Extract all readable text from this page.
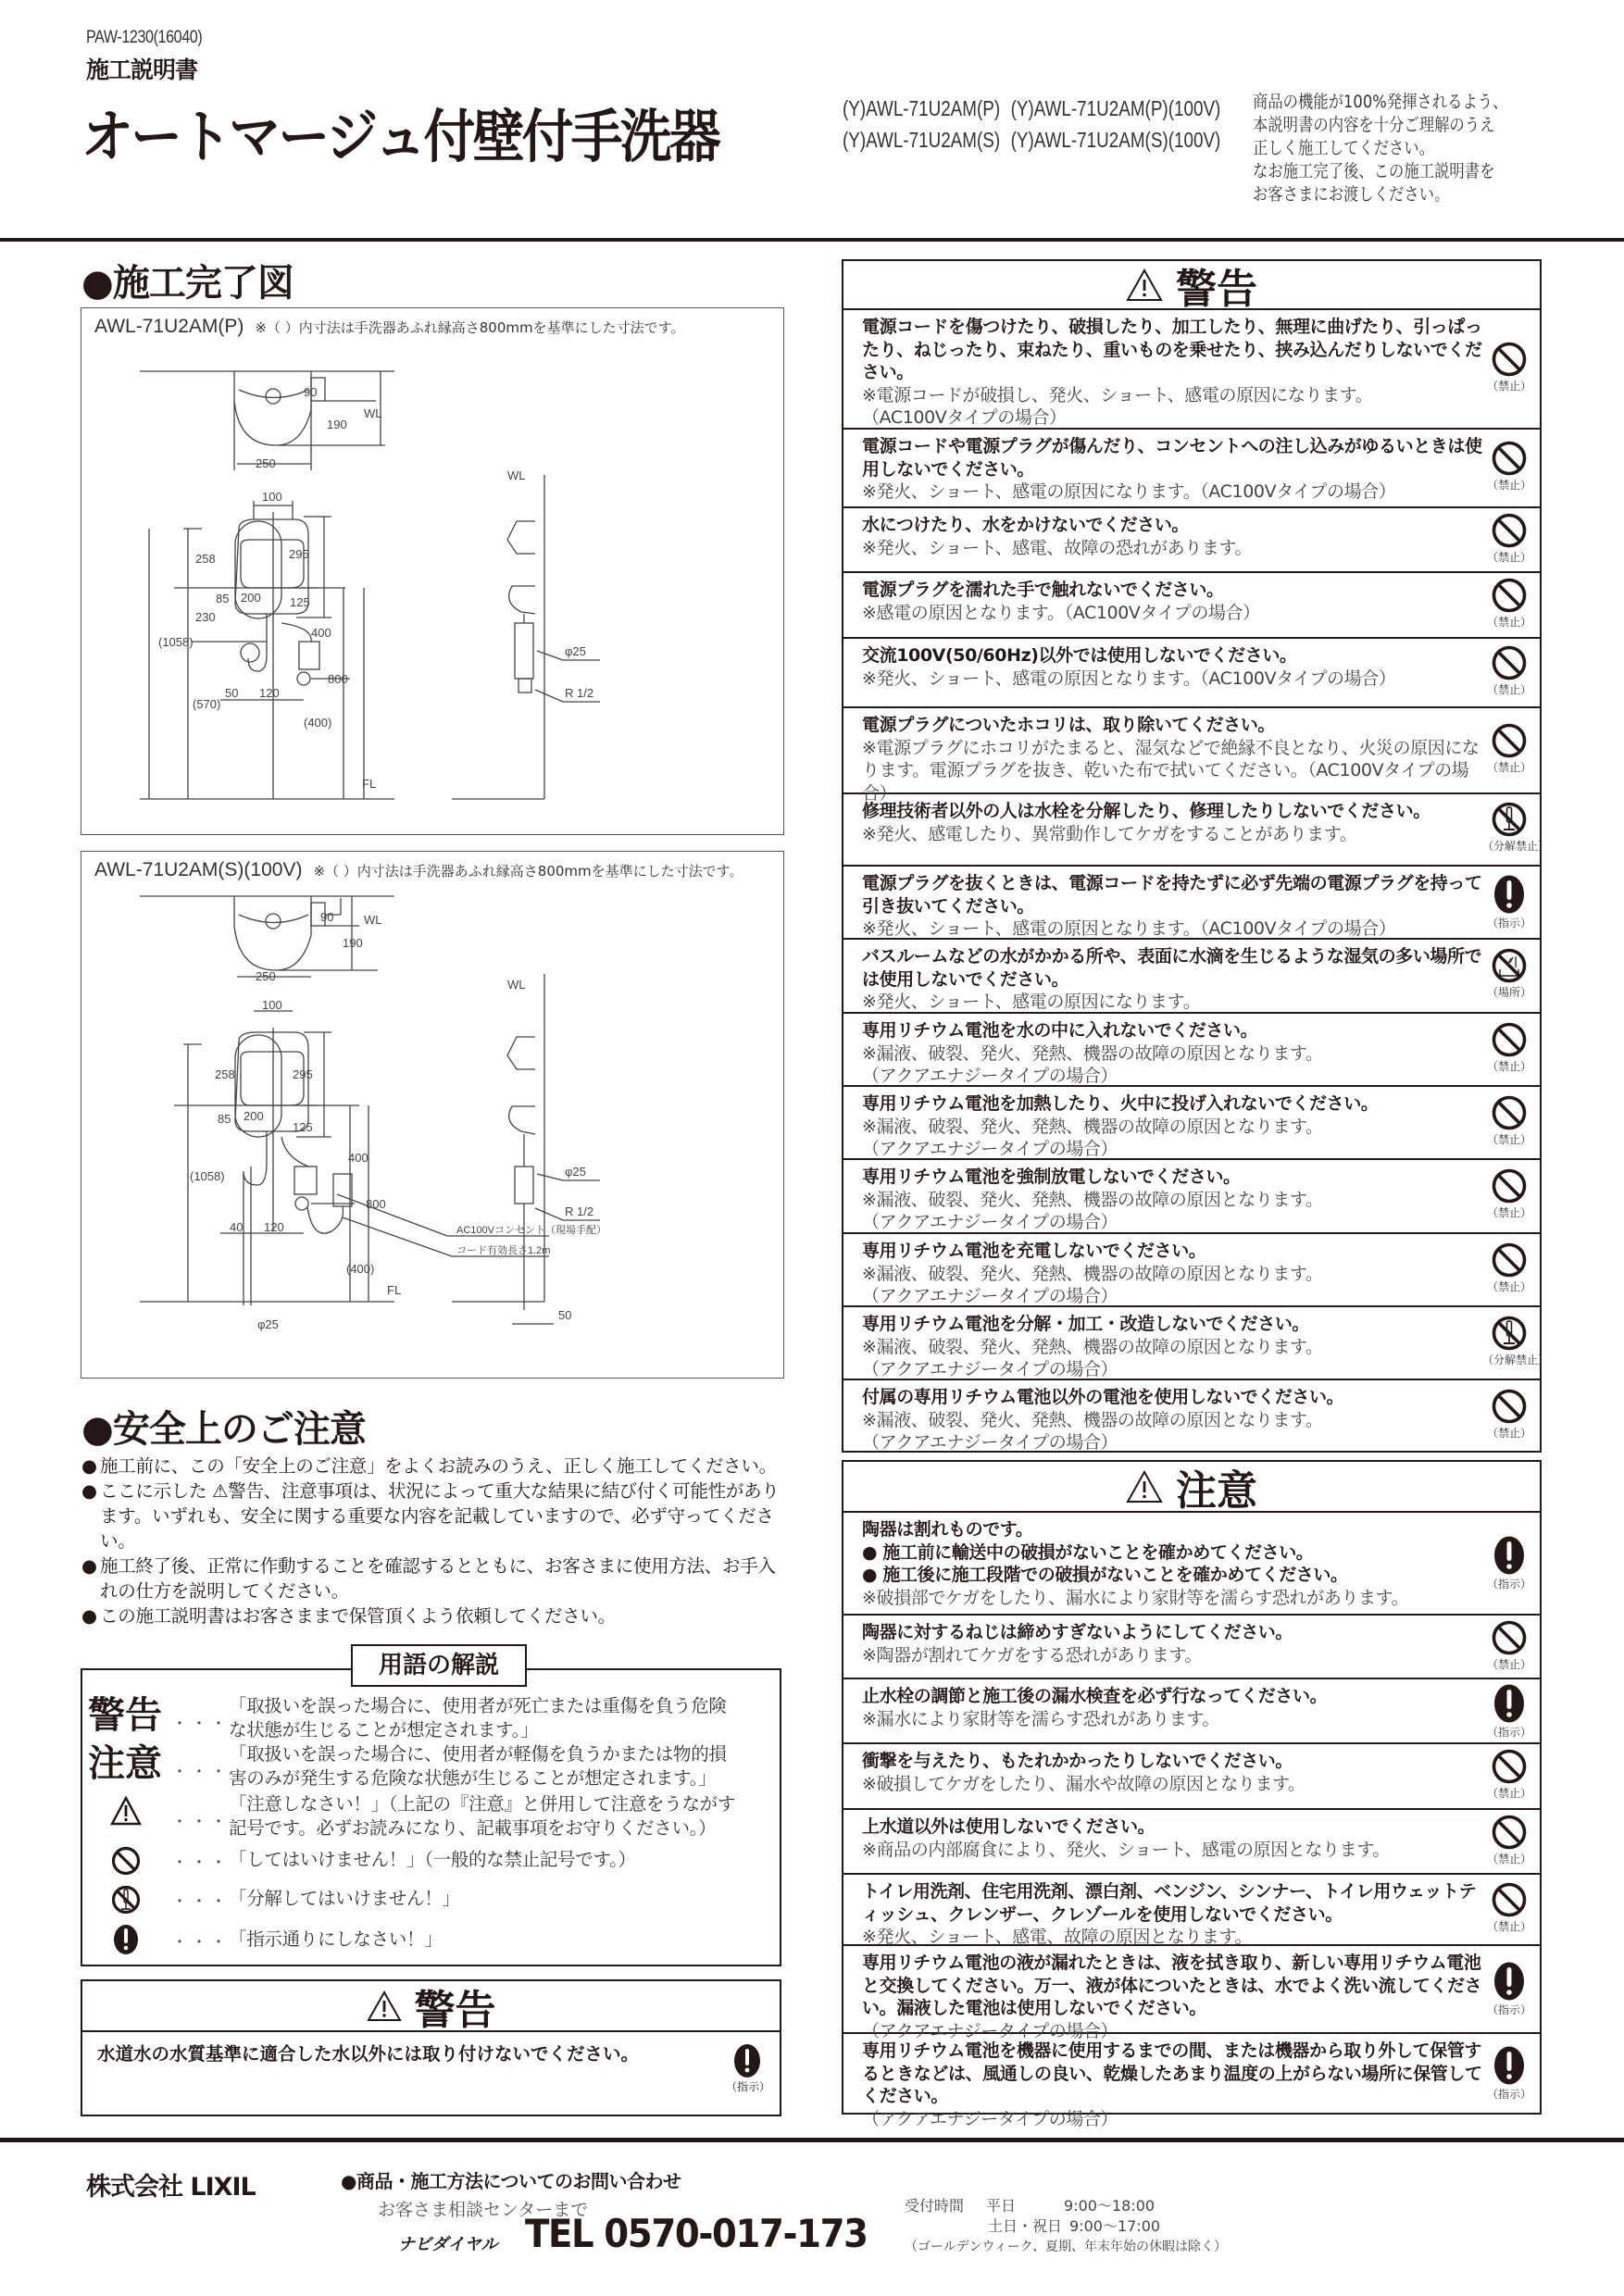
PAW-1230(16040)
施工説明書
オートマージュ付壁付手洗器	(Y)AWL-71U2AM(P) (Y)AWL-71U2AM(P)(100V)
(Y)AWL-71U2AM(S) (Y)AWL-71U2AM(S)(100V)
商品の機能が100%発揮されるよう、
本説明書の内容を十分ご理解のうえ
正しく施工してください。
なお施工完了後、この施工説明書を
お客さまにお渡しください。
●施工完了図
AWL-71U2AM(P) ※（ ）内寸法は手洗器あふれ縁高さ800mmを基準にした寸法です。
90
190
WL
250
100
258	295
85 200 125
230
(1058)
400
800
(570)
50 120
(400)
FL
WL
φ25
R 1/2
AWL-71U2AM(S)(100V) ※（ ）内寸法は手洗器あふれ縁高さ800mmを基準にした寸法です。
90
190
WL
250
100
258	295
85 200
125
(1058)
400
800
40 120
(400)
FL
AC100Vコンセント（現場手配）
コード有効長さ1.2m
φ25
WL
φ25
R 1/2
50
●安全上のご注意
● 施工前に、この「安全上のご注意」をよくお読みのうえ、正しく施工してください。
● ここに示した ⚠警告、注意事項は、状況によって重大な結果に結び付く可能性があります。いずれも、安全に関する重要な内容を記載していますので、必ず守ってください。
● 施工終了後、正常に作動することを確認するとともに、お客さまに使用方法、お手入れの仕方を説明してください。
● この施工説明書はお客さままで保管頂くよう依頼してください。
用語の解説
警告 ・・・
「取扱いを誤った場合に、使用者が死亡または重傷を負う危険
な状態が生じることが想定されます。」
注意 ・・・
「取扱いを誤った場合に、使用者が軽傷を負うかまたは物的損
害のみが発生する危険な状態が生じることが想定されます。」
・・・
「注意しなさい！」（上記の『注意』と併用して注意をうながす
記号です。必ずお読みになり、記載事項をお守りください。）
・・・ 「してはいけません！」（一般的な禁止記号です。）
・・・ 「分解してはいけません！」
・・・ 「指示通りにしなさい！」
警告
水道水の水質基準に適合した水以外には取り付けないでください。
（指示）
警告
電源コードを傷つけたり、破損したり、加工したり、無理に曲げたり、引っぱったり、ねじったり、束ねたり、重いものを乗せたり、挟み込んだりしないでください。
※電源コードが破損し、発火、ショート、感電の原因になります。
（AC100Vタイプの場合）
（禁止）
電源コードや電源プラグが傷んだり、コンセントへの注し込みがゆるいときは使用しないでください。
※発火、ショート、感電の原因になります。（AC100Vタイプの場合）	（禁止）
水につけたり、水をかけないでください。
※発火、ショート、感電、故障の恐れがあります。	（禁止）
電源プラグを濡れた手で触れないでください。
※感電の原因となります。（AC100Vタイプの場合）	（禁止）
交流100V(50/60Hz)以外では使用しないでください。
※発火、ショート、感電の原因となります。（AC100Vタイプの場合）
（禁止）
電源プラグについたホコリは、取り除いてください。
※電源プラグにホコリがたまると、湿気などで絶縁不良となり、火災の原因になります。電源プラグを抜き、乾いた布で拭いてください。（AC100Vタイプの場合）
（禁止）
修理技術者以外の人は水栓を分解したり、修理したりしないでください。
※発火、感電したり、異常動作してケガをすることがあります。
（分解禁止）
電源プラグを抜くときは、電源コードを持たずに必ず先端の電源プラグを持って引き抜いてください。
※発火、ショート、感電の原因となります。（AC100Vタイプの場合）	（指示）
バスルームなどの水がかかる所や、表面に水滴を生じるような湿気の多い場所では使用しないでください。
※発火、ショート、感電の原因になります。	（場所）
専用リチウム電池を水の中に入れないでください。
※漏液、破裂、発火、発熱、機器の故障の原因となります。
（アクアエナジータイプの場合）	（禁止）
専用リチウム電池を加熱したり、火中に投げ入れないでください。
※漏液、破裂、発火、発熱、機器の故障の原因となります。
（アクアエナジータイプの場合）	（禁止）
専用リチウム電池を強制放電しないでください。
※漏液、破裂、発火、発熱、機器の故障の原因となります。
（アクアエナジータイプの場合）	（禁止）
専用リチウム電池を充電しないでください。
※漏液、破裂、発火、発熱、機器の故障の原因となります。
（アクアエナジータイプの場合）	（禁止）
専用リチウム電池を分解・加工・改造しないでください。
※漏液、破裂、発火、発熱、機器の故障の原因となります。
（アクアエナジータイプの場合）	（分解禁止）
付属の専用リチウム電池以外の電池を使用しないでください。
※漏液、破裂、発火、発熱、機器の故障の原因となります。
（アクアエナジータイプの場合）	（禁止）
注意
陶器は割れものです。
● 施工前に輸送中の破損がないことを確かめてください。
● 施工後に施工段階での破損がないことを確かめてください。
※破損部でケガをしたり、漏水により家財等を濡らす恐れがあります。
（指示）
陶器に対するねじは締めすぎないようにしてください。
※陶器が割れてケガをする恐れがあります。	（禁止）
止水栓の調節と施工後の漏水検査を必ず行なってください。
※漏水により家財等を濡らす恐れがあります。
（指示）
衝撃を与えたり、もたれかかったりしないでください。
※破損してケガをしたり、漏水や故障の原因となります。	（禁止）
上水道以外は使用しないでください。
※商品の内部腐食により、発火、ショート、感電の原因となります。	（禁止）
トイレ用洗剤、住宅用洗剤、漂白剤、ベンジン、シンナー、トイレ用ウェットティッシュ、クレンザー、クレゾールを使用しないでください。
※発火、ショート、感電、故障の原因となります。
（禁止）
専用リチウム電池の液が漏れたときは、液を拭き取り、新しい専用リチウム電池と交換してください。万一、液が体についたときは、水でよく洗い流してください。漏液した電池は使用しないでください。
（アクアエナジータイプの場合）
（指示）
専用リチウム電池を機器に使用するまでの間、または機器から取り外して保管するときなどは、風通しの良い、乾燥したあまり温度の上がらない場所に保管してください。
（アクアエナジータイプの場合）
（指示）
株式会社 LIXIL	●商品・施工方法についてのお問い合わせ
お客さま相談センターまで
ナビダイヤル TEL 0570-017-173
受付時間 平日	9:00〜18:00
土日・祝日 9:00〜17:00
（ゴールデンウィーク、夏期、年末年始の休暇は除く）
